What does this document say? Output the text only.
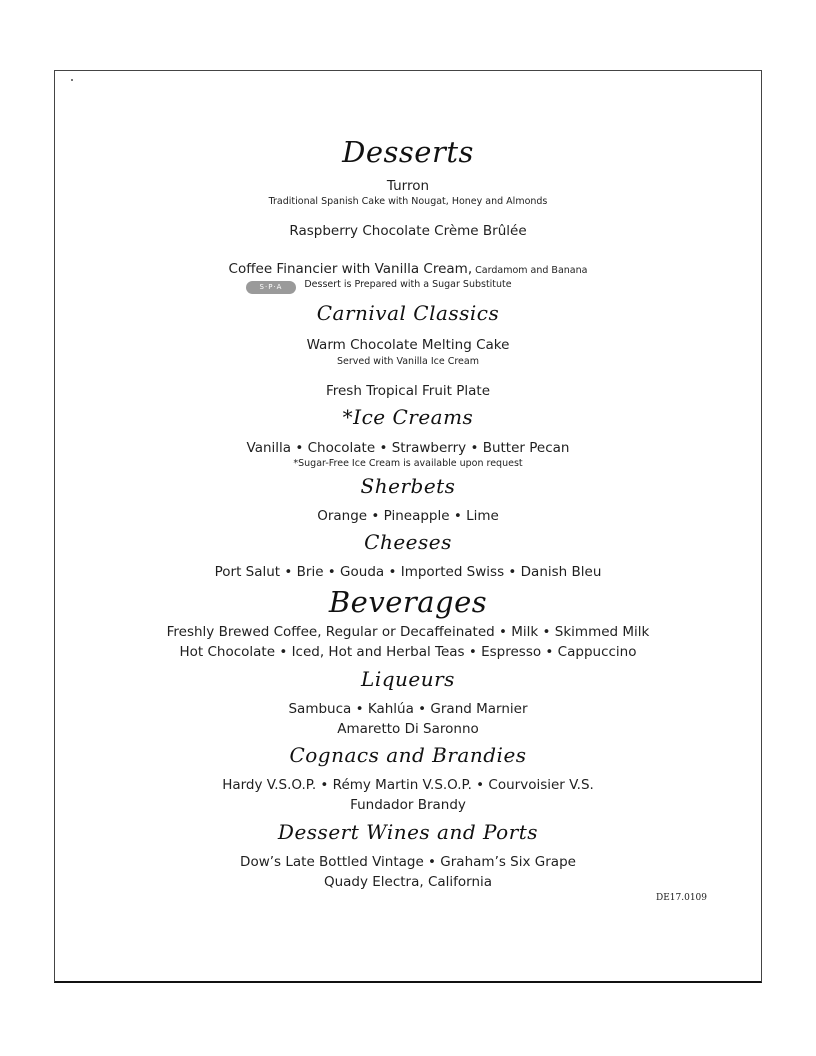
Desserts
Turron
Traditional Spanish Cake with Nougat, Honey and Almonds
Raspberry Chocolate Crème Brûlée
Coffee Financier with Vanilla Cream, Cardamom and Banana
S·P·A	Dessert is Prepared with a Sugar Substitute
Carnival Classics
Warm Chocolate Melting Cake
Served with Vanilla Ice Cream
Fresh Tropical Fruit Plate
*Ice Creams
Vanilla • Chocolate • Strawberry • Butter Pecan
*Sugar-Free Ice Cream is available upon request
Sherbets
Orange • Pineapple • Lime
Cheeses
Port Salut • Brie • Gouda • Imported Swiss • Danish Bleu
Beverages
Freshly Brewed Coffee, Regular or Decaffeinated • Milk • Skimmed Milk
Hot Chocolate • Iced, Hot and Herbal Teas • Espresso • Cappuccino
Liqueurs
Sambuca • Kahlúa • Grand Marnier
Amaretto Di Saronno
Cognacs and Brandies
Hardy V.S.O.P. • Rémy Martin V.S.O.P. • Courvoisier V.S.
Fundador Brandy
Dessert Wines and Ports
Dow’s Late Bottled Vintage • Graham’s Six Grape
Quady Electra, California
DE17.0109
